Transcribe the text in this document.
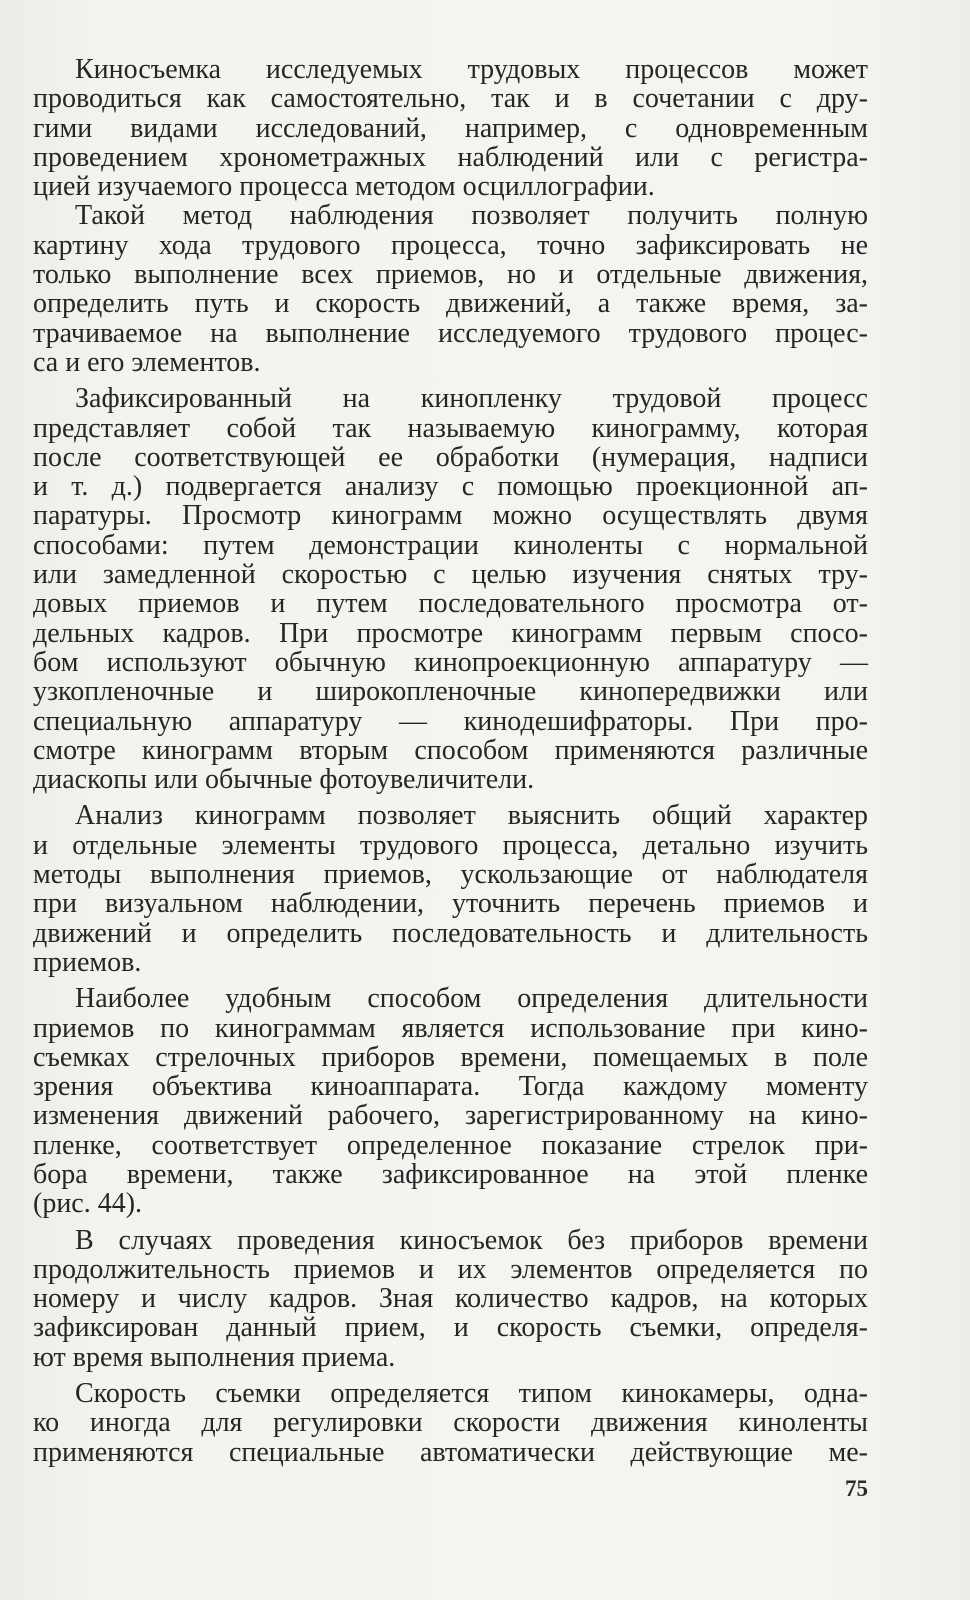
Киносъемка исследуемых трудовых процессов может
проводиться как самостоятельно, так и в сочетании с дру-
гими видами исследований, например, с одновременным
проведением хронометражных наблюдений или с регистра-
цией изучаемого процесса методом осциллографии.
Такой метод наблюдения позволяет получить полную
картину хода трудового процесса, точно зафиксировать не
только выполнение всех приемов, но и отдельные движения,
определить путь и скорость движений, а также время, за-
трачиваемое на выполнение исследуемого трудового процес-
са и его элементов.
Зафиксированный на кинопленку трудовой процесс
представляет собой так называемую кинограмму, которая
после соответствующей ее обработки (нумерация, надписи
и т. д.) подвергается анализу с помощью проекционной ап-
паратуры. Просмотр кинограмм можно осуществлять двумя
способами: путем демонстрации киноленты с нормальной
или замедленной скоростью с целью изучения снятых тру-
довых приемов и путем последовательного просмотра от-
дельных кадров. При просмотре кинограмм первым спосо-
бом используют обычную кинопроекционную аппаратуру —
узкопленочные и широкопленочные кинопередвижки или
специальную аппаратуру — кинодешифраторы. При про-
смотре кинограмм вторым способом применяются различные
диаскопы или обычные фотоувеличители.
Анализ кинограмм позволяет выяснить общий характер
и отдельные элементы трудового процесса, детально изучить
методы выполнения приемов, ускользающие от наблюдателя
при визуальном наблюдении, уточнить перечень приемов и
движений и определить последовательность и длительность
приемов.
Наиболее удобным способом определения длительности
приемов по кинограммам является использование при кино-
съемках стрелочных приборов времени, помещаемых в поле
зрения объектива киноаппарата. Тогда каждому моменту
изменения движений рабочего, зарегистрированному на кино-
пленке, соответствует определенное показание стрелок при-
бора времени, также зафиксированное на этой пленке
(рис. 44).
В случаях проведения киносъемок без приборов времени
продолжительность приемов и их элементов определяется по
номеру и числу кадров. Зная количество кадров, на которых
зафиксирован данный прием, и скорость съемки, определя-
ют время выполнения приема.
Скорость съемки определяется типом кинокамеры, одна-
ко иногда для регулировки скорости движения киноленты
применяются специальные автоматически действующие ме-
75
